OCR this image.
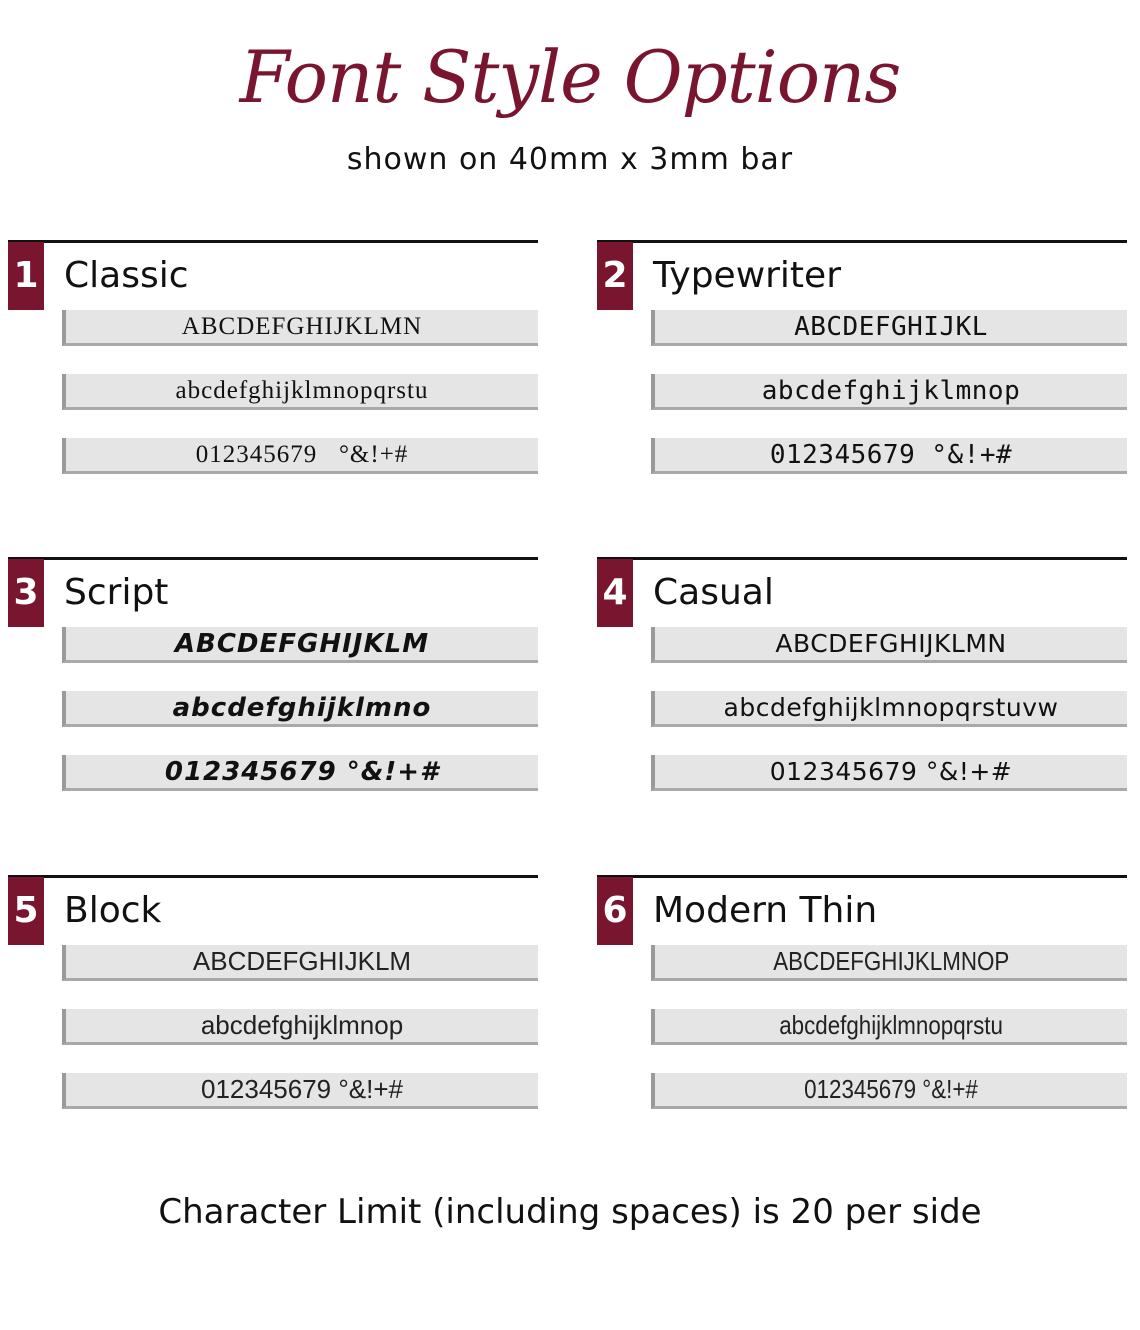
Font Style Options
shown on 40mm x 3mm bar
1 Classic
ABCDEFGHIJKLMN
abcdefghijklmnopqrstu
012345679   °&!+#
2 Typewriter
ABCDEFGHIJKL
abcdefghijklmnop
012345679 °&!+#
3 Script
ABCDEFGHIJKLM
abcdefghijklmno
012345679 °&!+#
4 Casual
ABCDEFGHIJKLMN
abcdefghijklmnopqrstuvw
012345679 °&!+#
5 Block
ABCDEFGHIJKLM
abcdefghijklmnop
012345679 °&!+#
6 Modern Thin
ABCDEFGHIJKLMNOP
abcdefghijklmnopqrstu
012345679 °&!+#
Character Limit (including spaces) is 20 per side
